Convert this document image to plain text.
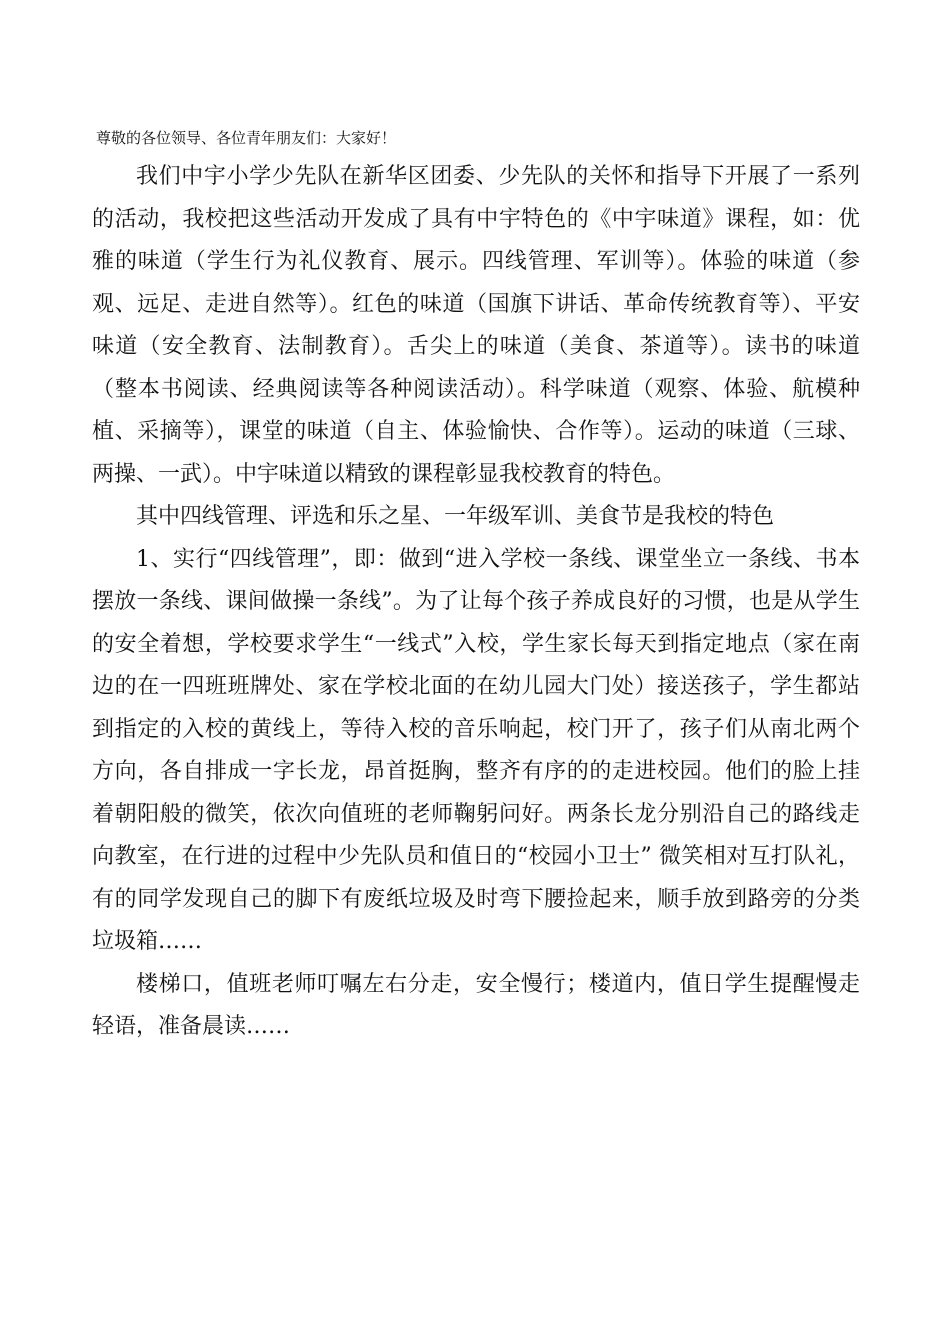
尊敬的各位领导、各位青年朋友们：大家好！

我们中宇小学少先队在新华区团委、少先队的关怀和指导下开展了一系列的活动，我校把这些活动开发成了具有中宇特色的《中宇味道》课程，如：优雅的味道（学生行为礼仪教育、展示。四线管理、军训等）。体验的味道（参观、远足、走进自然等）。红色的味道（国旗下讲话、革命传统教育等）、平安味道（安全教育、法制教育）。舌尖上的味道（美食、茶道等）。读书的味道（整本书阅读、经典阅读等各种阅读活动）。科学味道（观察、体验、航模种植、采摘等），课堂的味道（自主、体验愉快、合作等）。运动的味道（三球、两操、一武）。中宇味道以精致的课程彰显我校教育的特色。

其中四线管理、评选和乐之星、一年级军训、美食节是我校的特色

1、实行“四线管理”，即：做到“进入学校一条线、课堂坐立一条线、书本摆放一条线、课间做操一条线”。为了让每个孩子养成良好的习惯，也是从学生的安全着想，学校要求学生“一线式”入校，学生家长每天到指定地点（家在南边的在一四班班牌处、家在学校北面的在幼儿园大门处）接送孩子，学生都站到指定的入校的黄线上，等待入校的音乐响起，校门开了，孩子们从南北两个方向，各自排成一字长龙，昂首挺胸，整齐有序的的走进校园。他们的脸上挂着朝阳般的微笑，依次向值班的老师鞠躬问好。两条长龙分别沿自己的路线走向教室，在行进的过程中少先队员和值日的“校园小卫士” 微笑相对互打队礼，有的同学发现自己的脚下有废纸垃圾及时弯下腰捡起来，顺手放到路旁的分类垃圾箱……

楼梯口，值班老师叮嘱左右分走，安全慢行；楼道内，值日学生提醒慢走轻语，准备晨读……
